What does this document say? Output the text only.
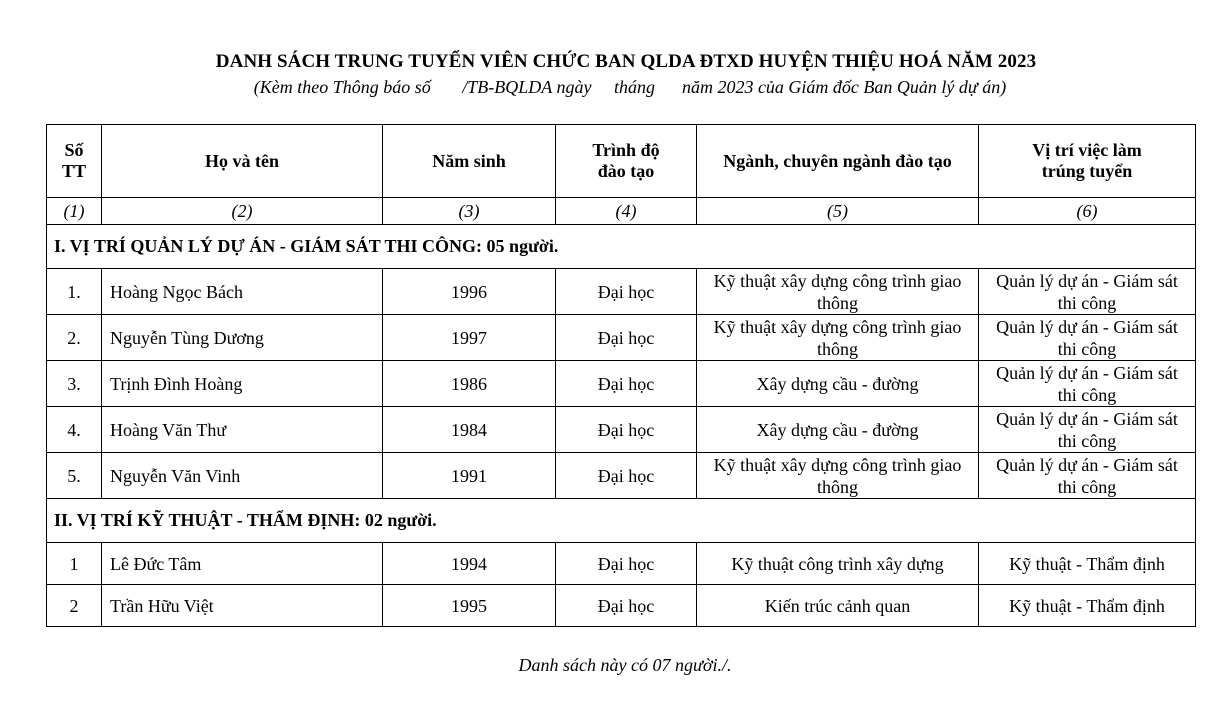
DANH SÁCH TRUNG TUYỂN VIÊN CHỨC BAN QLDA ĐTXD HUYỆN THIỆU HOÁ NĂM 2023
(Kèm theo Thông báo số       /TB-BQLDA ngày     tháng      năm 2023 của Giám đốc Ban Quản lý dự án)
Số TT	Họ và tên	Năm sinh	Trình độ đào tạo	Ngành, chuyên ngành đào tạo	Vị trí việc làm trúng tuyển
(1)	(2)	(3)	(4)	(5)	(6)
I. VỊ TRÍ QUẢN LÝ DỰ ÁN - GIÁM SÁT THI CÔNG: 05 người.					
1.	Hoàng Ngọc Bách	1996	Đại học	Kỹ thuật xây dựng công trình giao thông	Quản lý dự án - Giám sát thi công
2.	Nguyễn Tùng Dương	1997	Đại học	Kỹ thuật xây dựng công trình giao thông	Quản lý dự án - Giám sát thi công
3.	Trịnh Đình Hoàng	1986	Đại học	Xây dựng cầu - đường	Quản lý dự án - Giám sát thi công
4.	Hoàng Văn Thư	1984	Đại học	Xây dựng cầu - đường	Quản lý dự án - Giám sát thi công
5.	Nguyễn Văn Vinh	1991	Đại học	Kỹ thuật xây dựng công trình giao thông	Quản lý dự án - Giám sát thi công
II. VỊ TRÍ KỸ THUẬT - THẨM ĐỊNH: 02 người.					
1	Lê Đức Tâm	1994	Đại học	Kỹ thuật công trình xây dựng	Kỹ thuật - Thẩm định
2	Trần Hữu Việt	1995	Đại học	Kiến trúc cảnh quan	Kỹ thuật - Thẩm định
Danh sách này có 07 người./.
